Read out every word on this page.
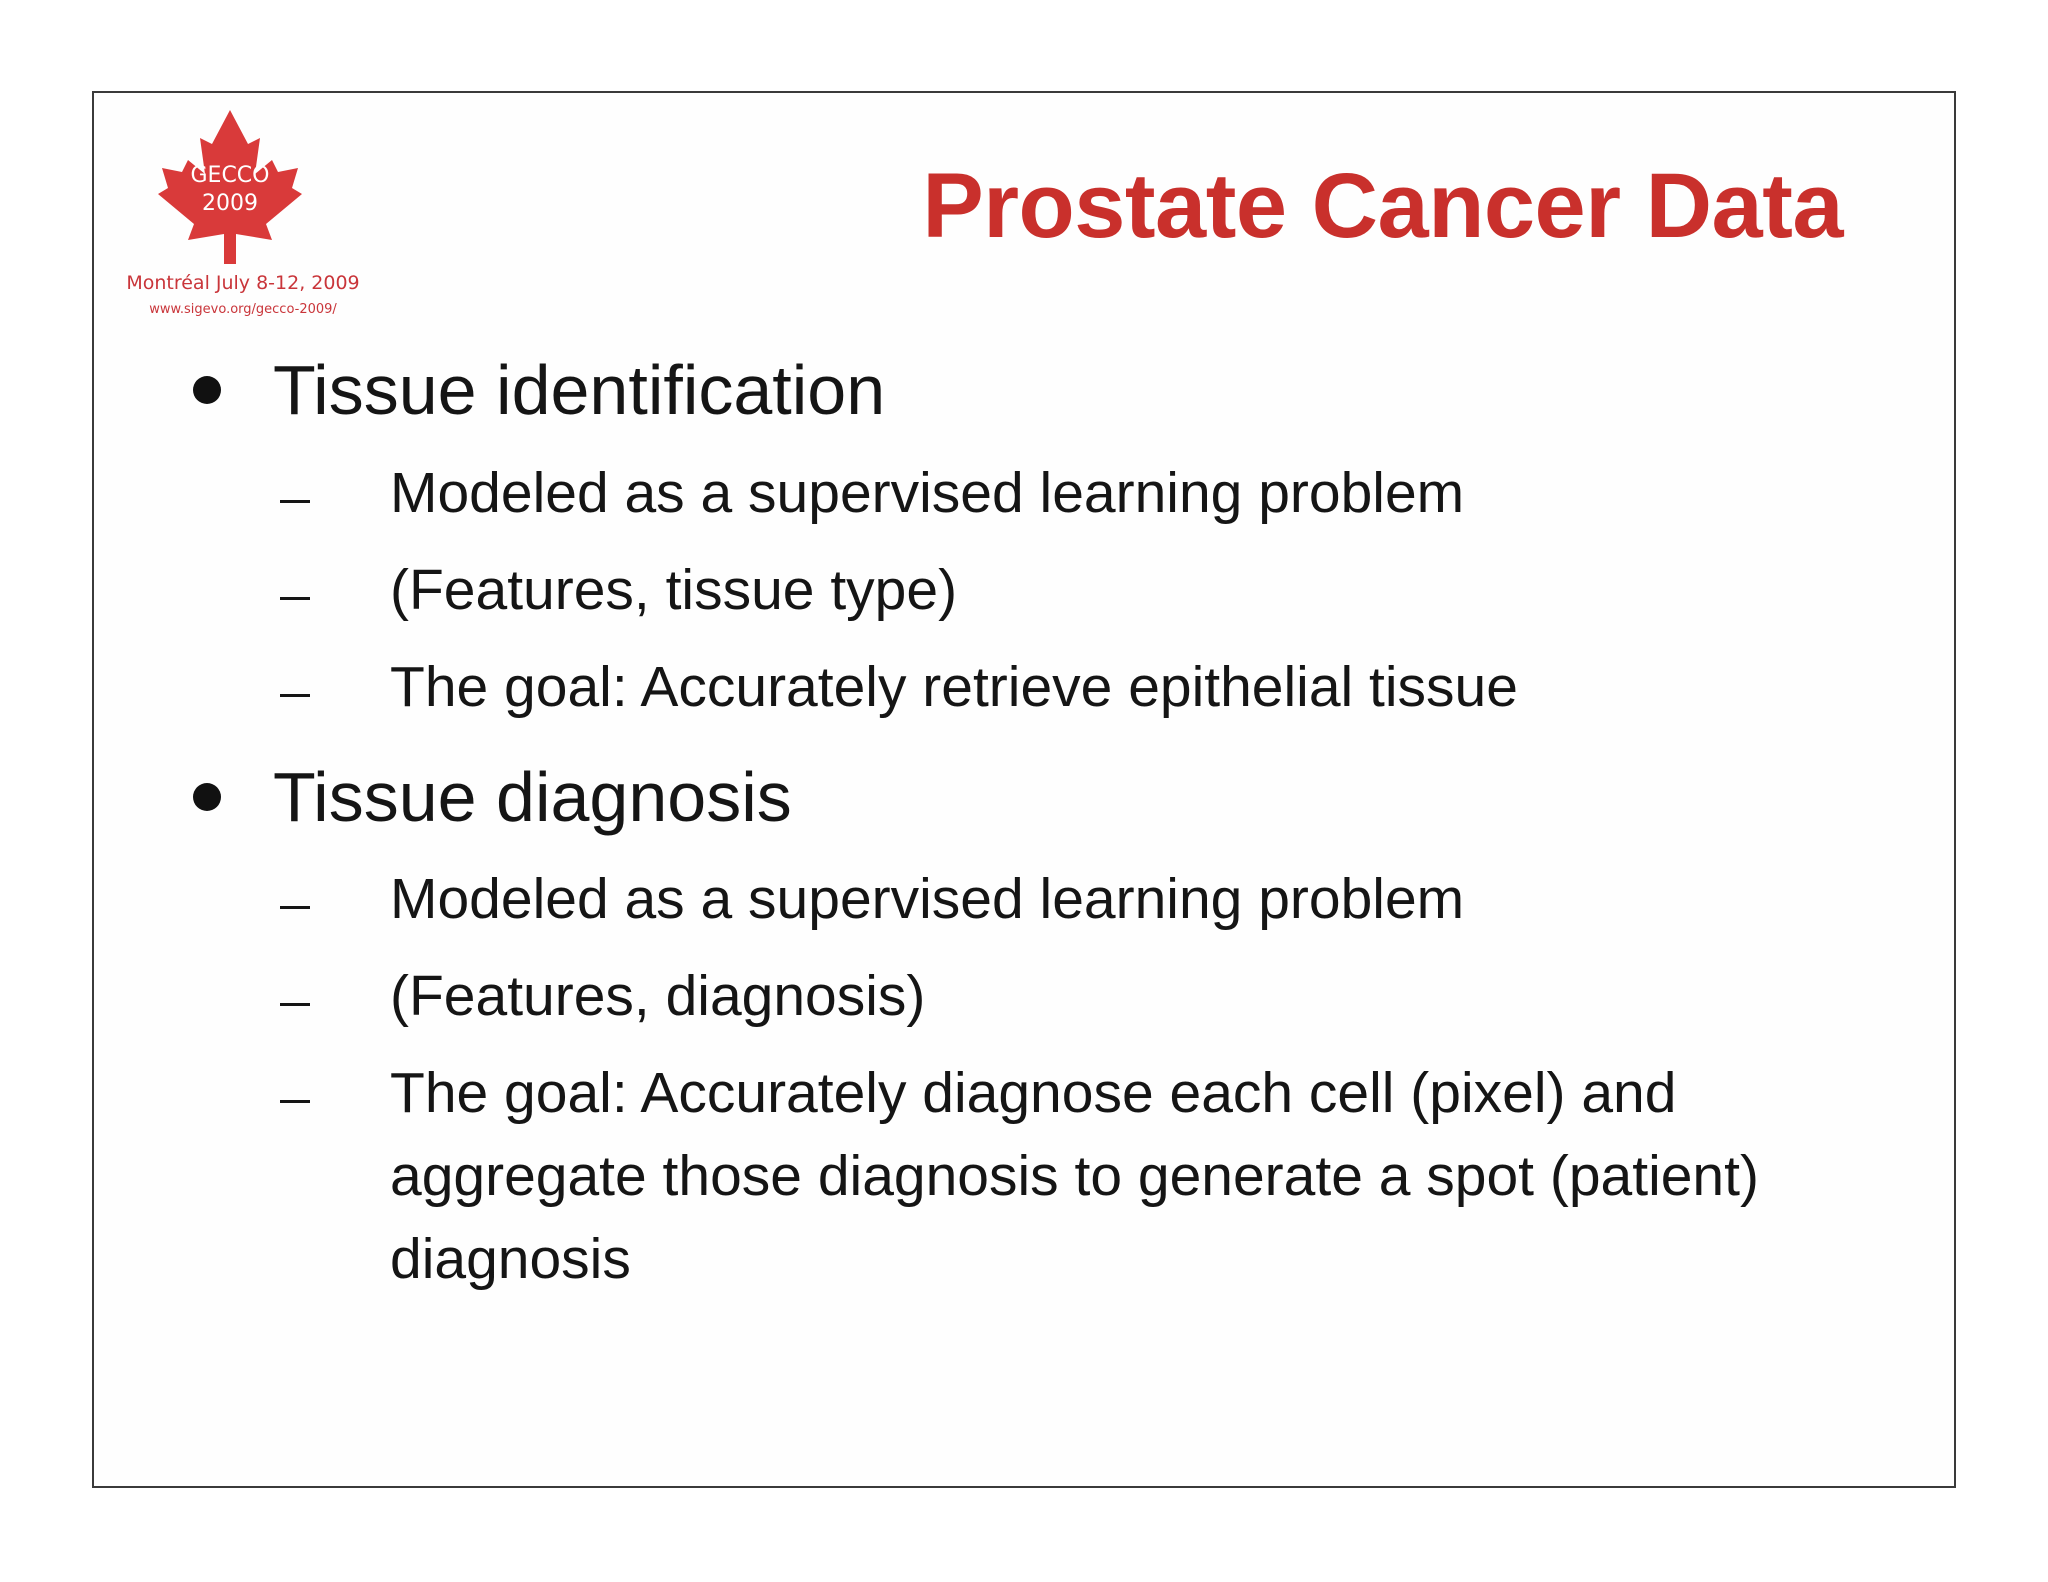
GECCO
2009
Montréal July 8-12, 2009
www.sigevo.org/gecco-2009/
Prostate Cancer Data
Tissue identification
Modeled as a supervised learning problem
(Features, tissue type)
The goal: Accurately retrieve epithelial tissue
Tissue diagnosis
Modeled as a supervised learning problem
(Features, diagnosis)
The goal: Accurately diagnose each cell (pixel) and aggregate those diagnosis to generate a spot (patient) diagnosis
